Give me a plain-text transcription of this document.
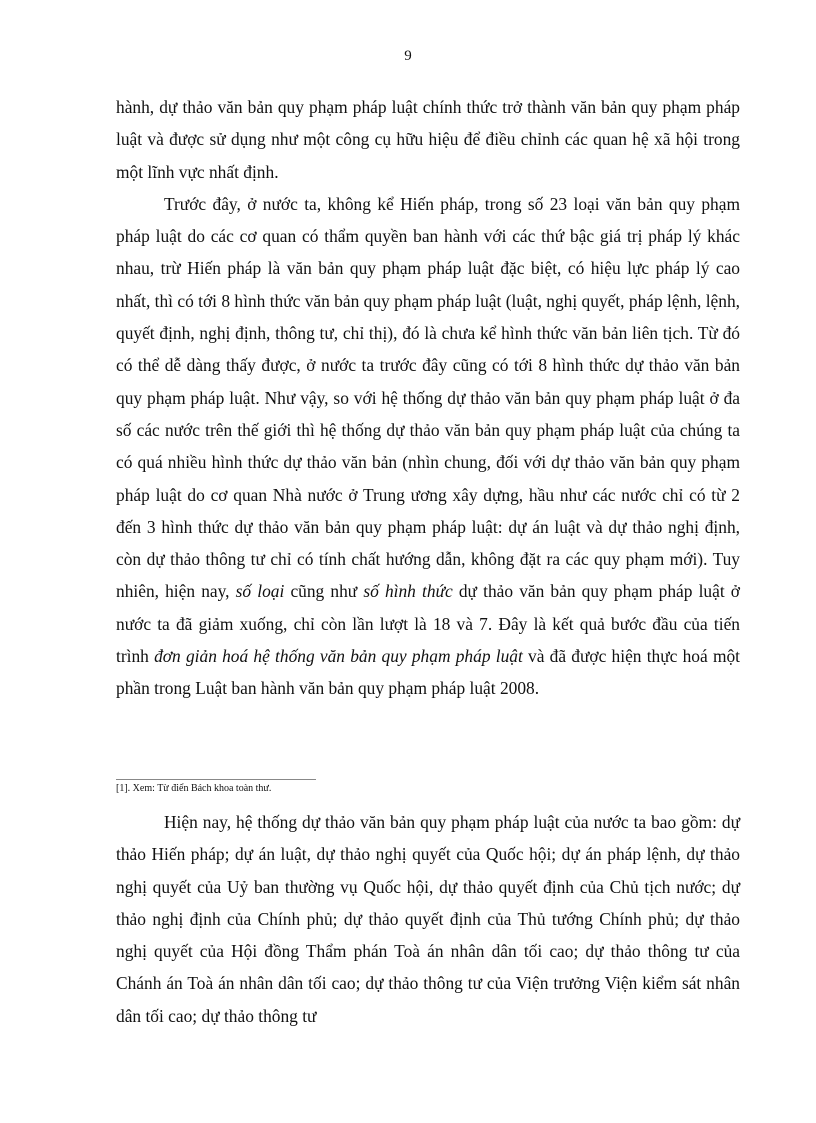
9

hành, dự thảo văn bản quy phạm pháp luật chính thức trở thành văn bản quy phạm pháp luật và được sử dụng như một công cụ hữu hiệu để điều chỉnh các quan hệ xã hội trong một lĩnh vực nhất định.

Trước đây, ở nước ta, không kể Hiến pháp, trong số 23 loại văn bản quy phạm pháp luật do các cơ quan có thẩm quyền ban hành với các thứ bậc giá trị pháp lý khác nhau, trừ Hiến pháp là văn bản quy phạm pháp luật đặc biệt, có hiệu lực pháp lý cao nhất, thì có tới 8 hình thức văn bản quy phạm pháp luật (luật, nghị quyết, pháp lệnh, lệnh, quyết định, nghị định, thông tư, chỉ thị), đó là chưa kể hình thức văn bản liên tịch. Từ đó có thể dễ dàng thấy được, ở nước ta trước đây cũng có tới 8 hình thức dự thảo văn bản quy phạm pháp luật. Như vậy, so với hệ thống dự thảo văn bản quy phạm pháp luật ở đa số các nước trên thế giới thì hệ thống dự thảo văn bản quy phạm pháp luật của chúng ta có quá nhiều hình thức dự thảo văn bản (nhìn chung, đối với dự thảo văn bản quy phạm pháp luật do cơ quan Nhà nước ở Trung ương xây dựng, hầu như các nước chỉ có từ 2 đến 3 hình thức dự thảo văn bản quy phạm pháp luật: dự án luật và dự thảo nghị định, còn dự thảo thông tư chỉ có tính chất hướng dẫn, không đặt ra các quy phạm mới). Tuy nhiên, hiện nay, số loại cũng như số hình thức dự thảo văn bản quy phạm pháp luật ở nước ta đã giảm xuống, chỉ còn lần lượt là 18 và 7. Đây là kết quả bước đầu của tiến trình đơn giản hoá hệ thống văn bản quy phạm pháp luật và đã được hiện thực hoá một phần trong Luật ban hành văn bản quy phạm pháp luật 2008.

[1]. Xem: Từ điển Bách khoa toàn thư.

Hiện nay, hệ thống dự thảo văn bản quy phạm pháp luật của nước ta bao gồm: dự thảo Hiến pháp; dự án luật, dự thảo nghị quyết của Quốc hội; dự án pháp lệnh, dự thảo nghị quyết của Uỷ ban thường vụ Quốc hội, dự thảo quyết định của Chủ tịch nước; dự thảo nghị định của Chính phủ; dự thảo quyết định của Thủ tướng Chính phủ; dự thảo nghị quyết của Hội đồng Thẩm phán Toà án nhân dân tối cao; dự thảo thông tư của Chánh án Toà án nhân dân tối cao; dự thảo thông tư của Viện trưởng Viện kiểm sát nhân dân tối cao; dự thảo thông tư
